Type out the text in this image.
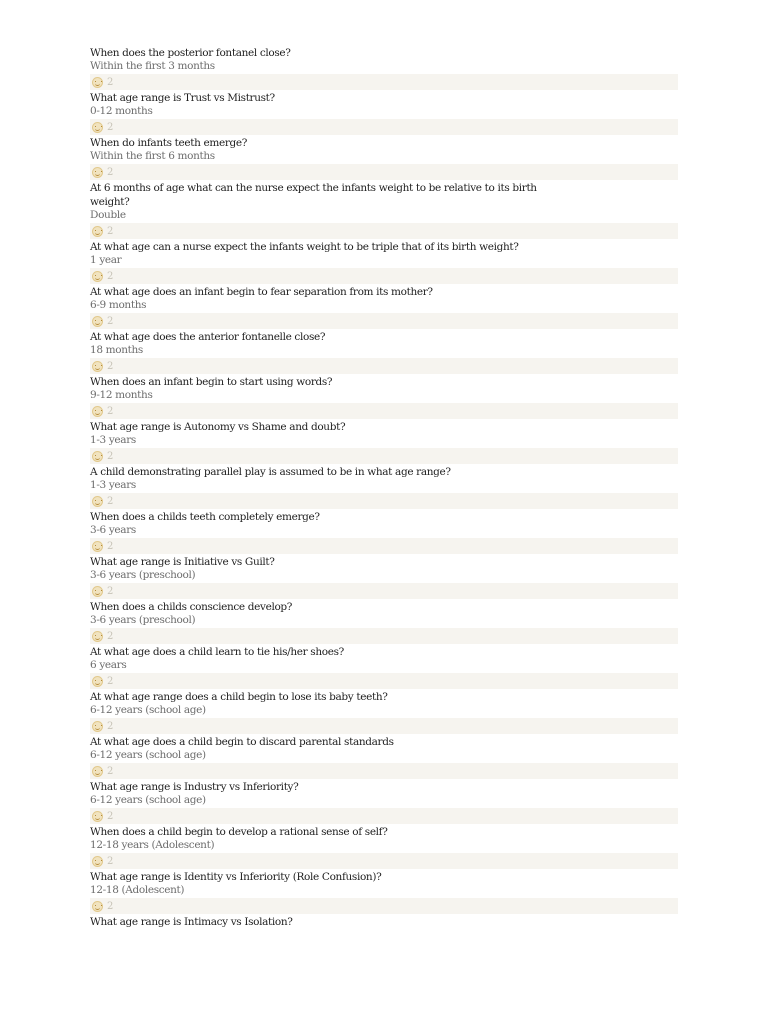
When does the posterior fontanel close?
Within the first 3 months
2
What age range is Trust vs Mistrust?
0-12 months
2
When do infants teeth emerge?
Within the first 6 months
2
At 6 months of age what can the nurse expect the infants weight to be relative to its birth weight?
Double
2
At what age can a nurse expect the infants weight to be triple that of its birth weight?
1 year
2
At what age does an infant begin to fear separation from its mother?
6-9 months
2
At what age does the anterior fontanelle close?
18 months
2
When does an infant begin to start using words?
9-12 months
2
What age range is Autonomy vs Shame and doubt?
1-3 years
2
A child demonstrating parallel play is assumed to be in what age range?
1-3 years
2
When does a childs teeth completely emerge?
3-6 years
2
What age range is Initiative vs Guilt?
3-6 years (preschool)
2
When does a childs conscience develop?
3-6 years (preschool)
2
At what age does a child learn to tie his/her shoes?
6 years
2
At what age range does a child begin to lose its baby teeth?
6-12 years (school age)
2
At what age does a child begin to discard parental standards
6-12 years (school age)
2
What age range is Industry vs Inferiority?
6-12 years (school age)
2
When does a child begin to develop a rational sense of self?
12-18 years (Adolescent)
2
What age range is Identity vs Inferiority (Role Confusion)?
12-18 (Adolescent)
2
What age range is Intimacy vs Isolation?
